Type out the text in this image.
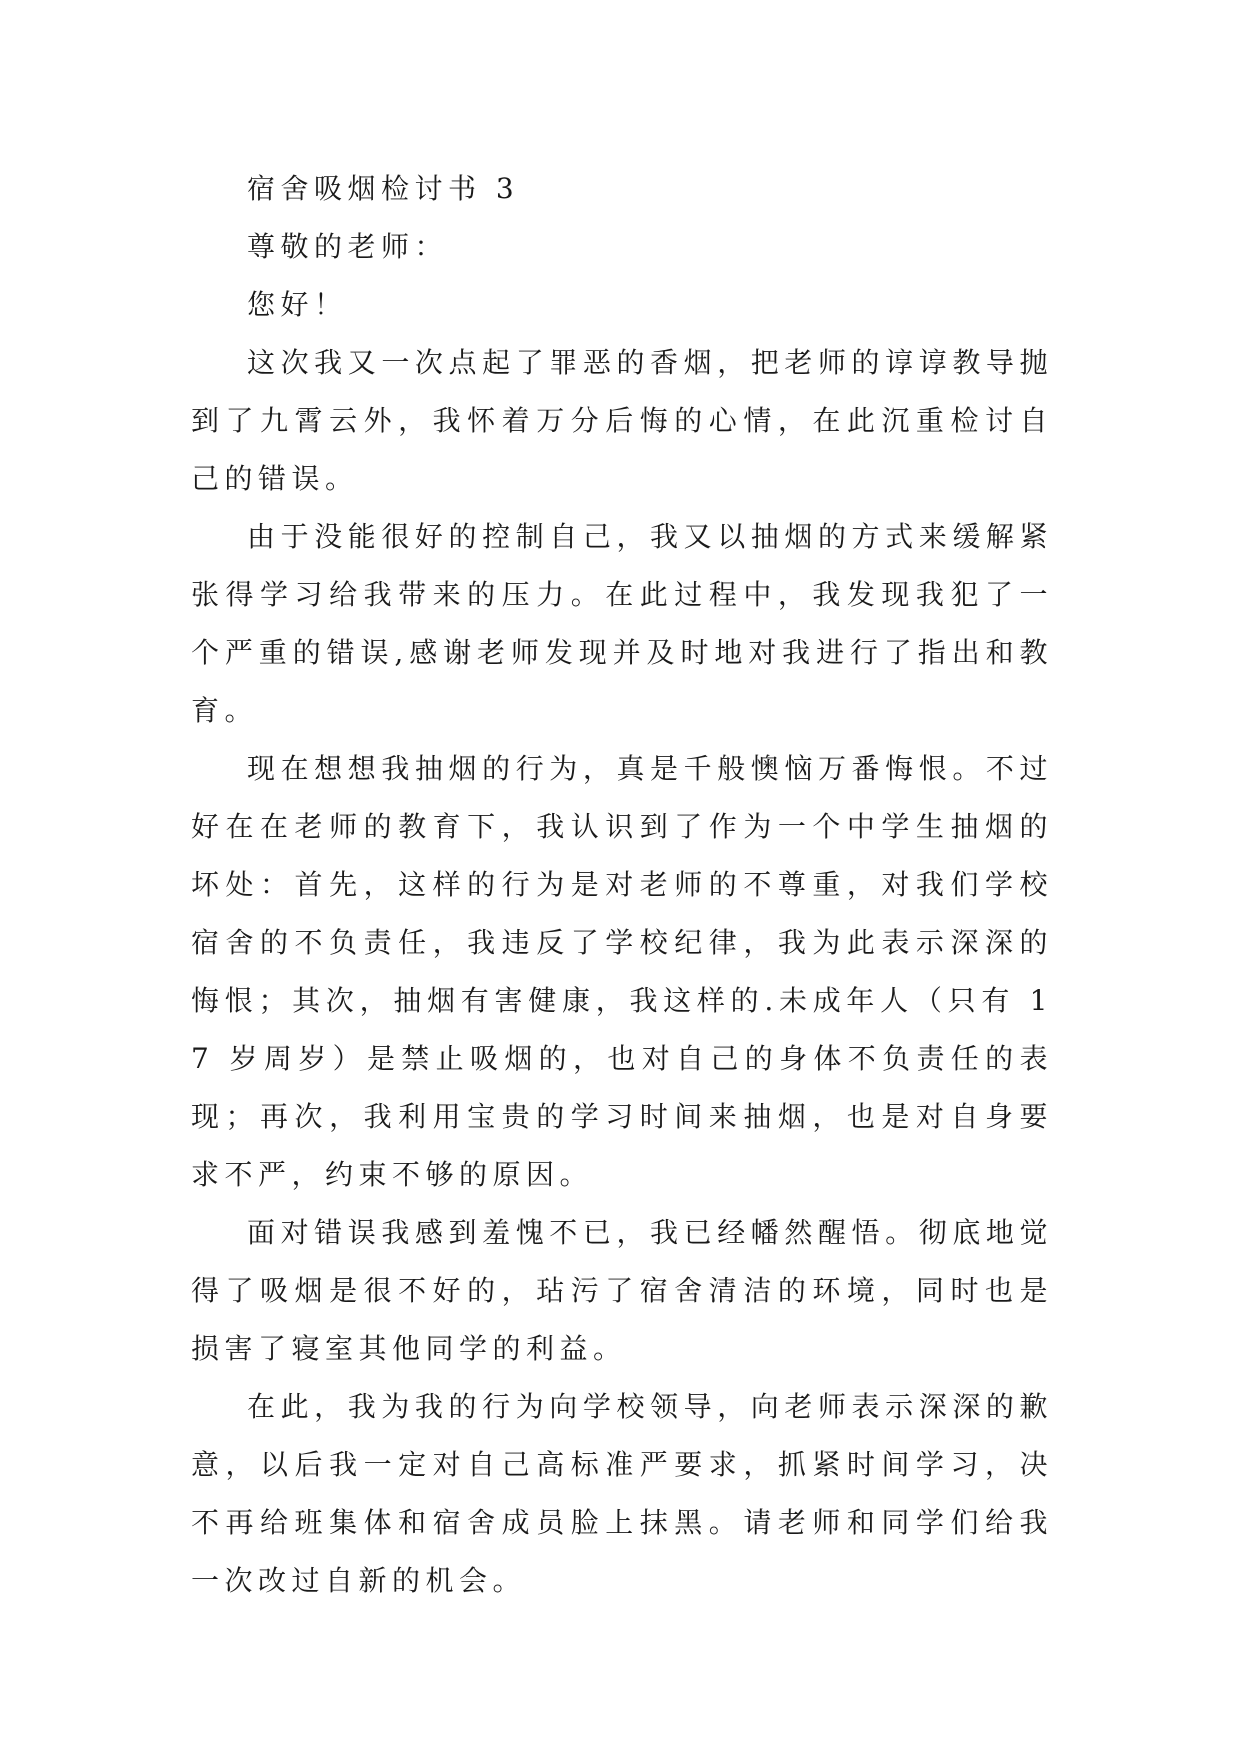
宿舍吸烟检讨书 3

尊敬的老师：

您好！

这次我又一次点起了罪恶的香烟，把老师的谆谆教导抛到了九霄云外，我怀着万分后悔的心情，在此沉重检讨自己的错误。

由于没能很好的控制自己，我又以抽烟的方式来缓解紧张得学习给我带来的压力。在此过程中，我发现我犯了一个严重的错误,感谢老师发现并及时地对我进行了指出和教育。

现在想想我抽烟的行为，真是千般懊恼万番悔恨。不过好在在老师的教育下，我认识到了作为一个中学生抽烟的坏处：首先，这样的行为是对老师的不尊重，对我们学校宿舍的不负责任，我违反了学校纪律，我为此表示深深的悔恨；其次，抽烟有害健康，我这样的.未成年人（只有 17 岁周岁）是禁止吸烟的，也对自己的身体不负责任的表现；再次，我利用宝贵的学习时间来抽烟，也是对自身要求不严，约束不够的原因。

面对错误我感到羞愧不已，我已经幡然醒悟。彻底地觉得了吸烟是很不好的，玷污了宿舍清洁的环境，同时也是损害了寝室其他同学的利益。

在此，我为我的行为向学校领导，向老师表示深深的歉意，以后我一定对自己高标准严要求，抓紧时间学习，决不再给班集体和宿舍成员脸上抹黑。请老师和同学们给我一次改过自新的机会。
